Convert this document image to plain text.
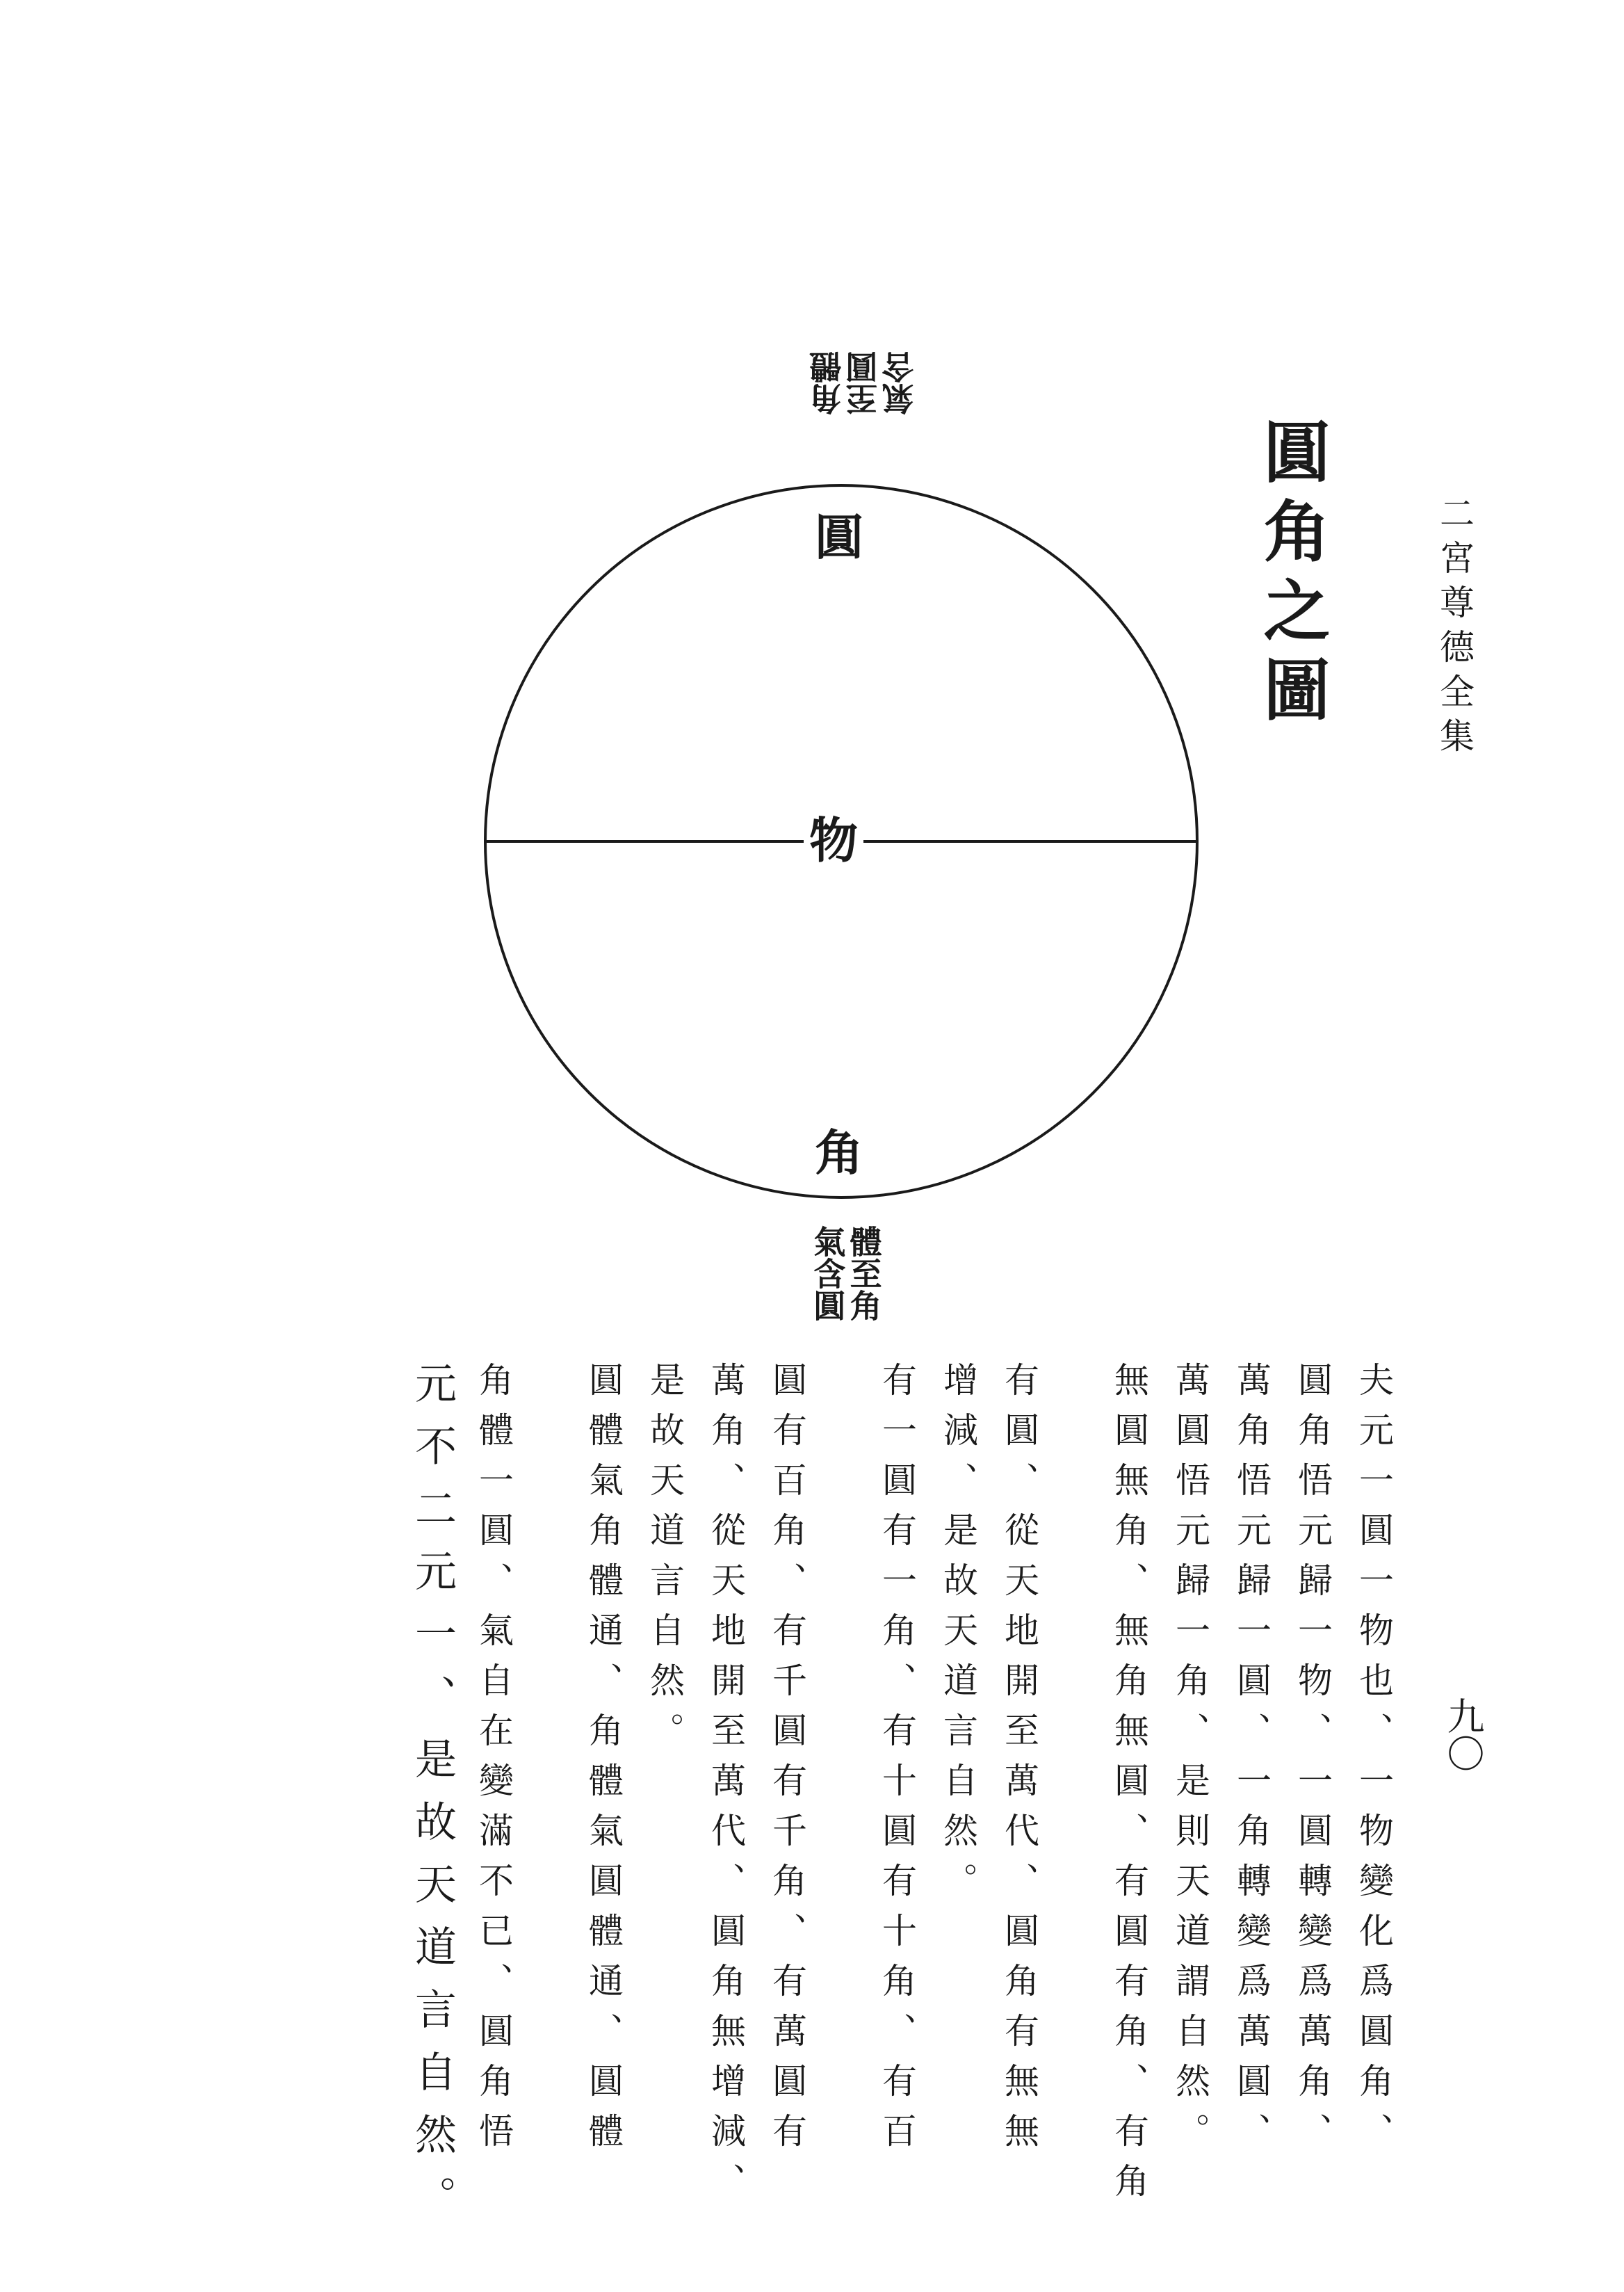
二宮尊德全集
九〇
圓角之圖
圓
物
角
角體
至圓
氣含
體至角
氣含圓
夫元一圓一物也、一物變化爲圓角、
圓角悟元歸一物、一圓轉變爲萬角、
萬角悟元歸一圓、一角轉變爲萬圓、
萬圓悟元歸一角、是則天道謂自然。
無圓無角、無角無圓、有圓有角、有角
有圓、從天地開至萬代、圓角有無無
增減、是故天道言自然。
有一圓有一角、有十圓有十角、有百
圓有百角、有千圓有千角、有萬圓有
萬角、從天地開至萬代、圓角無增減、
是故天道言自然。
圓體氣角體通、角體氣圓體通、圓體
角體一圓、氣自在變滿不已、圓角悟
元不二元一、是故天道言自然。
